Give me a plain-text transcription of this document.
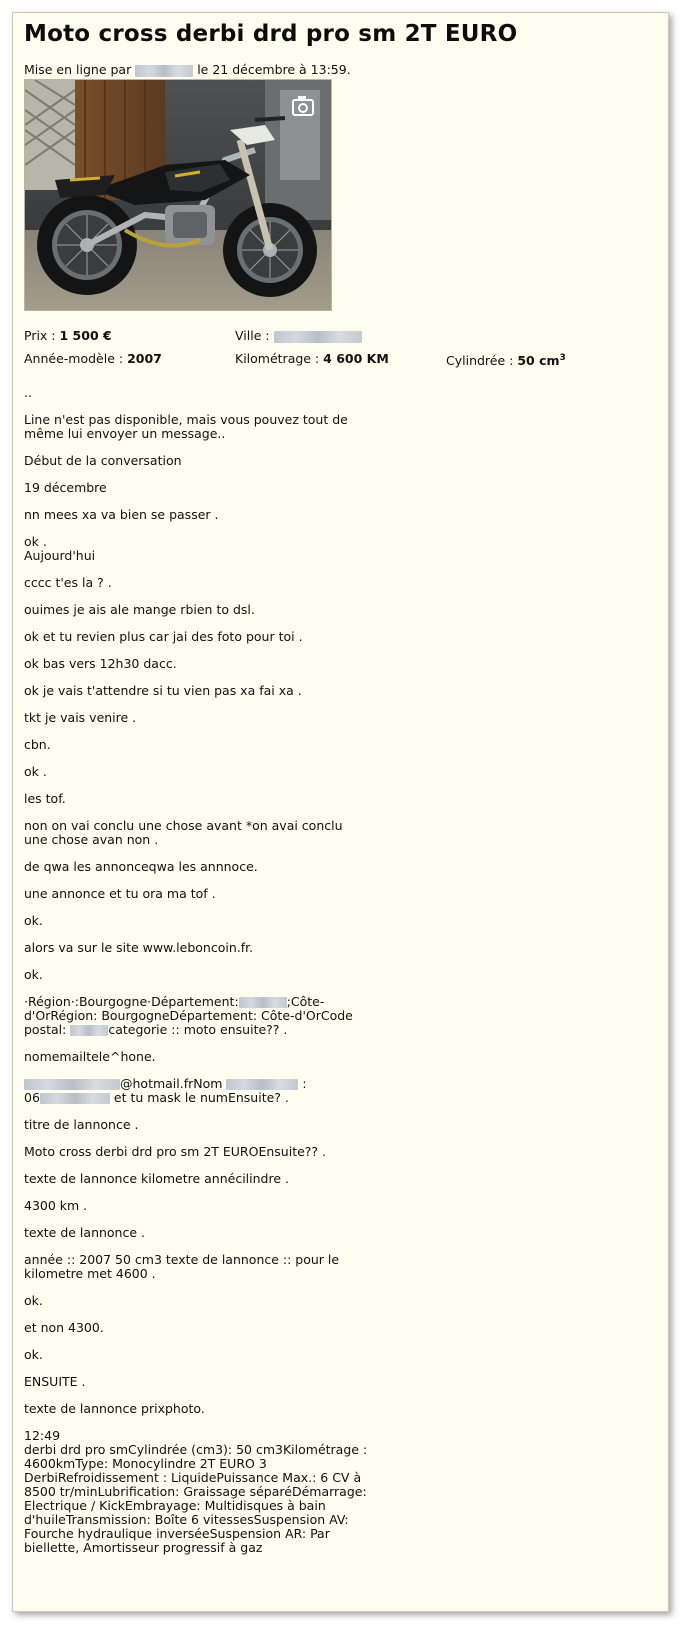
Moto cross derbi drd pro sm 2T EURO
Mise en ligne par	le 21 décembre à 13:59.
Prix : 1 500 €	Ville :
Année-modèle : 2007	Kilométrage : 4 600 KM	Cylindrée : 50 $cm^3$

..

Line n'est pas disponible, mais vous pouvez tout de même lui envoyer un message..

Début de la conversation

19 décembre

nn mees xa va bien se passer .

ok .
Aujourd'hui

cccc t'es la ? .

ouimes je ais ale mange rbien to dsl.

ok et tu revien plus car jai des foto pour toi .

ok bas vers 12h30 dacc.

ok je vais t'attendre si tu vien pas xa fai xa .

tkt je vais venire .

cbn.

ok .

les tof.

non on vai conclu une chose avant *on avai conclu une chose avan non .

de qwa les annonceqwa les annnoce.

une annonce et tu ora ma tof .

ok.

alors va sur le site www.leboncoin.fr.

ok.

·Région·:Bourgogne·Département:	;Côte-d'OrRégion: BourgogneDépartement: Côte-d'OrCode postal:	categorie :: moto ensuite?? .

nomemailtele^hone.

@hotmail.frNom	:
06	et tu mask le numEnsuite? .

titre de lannonce .

Moto cross derbi drd pro sm 2T EUROEnsuite?? .

texte de lannonce kilometre annécilindre .

4300 km .

texte de lannonce .

année :: 2007 50 cm3 texte de lannonce :: pour le kilometre met 4600 .

ok.

et non 4300.

ok.

ENSUITE .

texte de lannonce prixphoto.

12:49
derbi drd pro smCylindrée (cm3): 50 cm3Kilométrage : 4600kmType: Monocylindre 2T EURO 3 DerbiRefroidissement : LiquidePuissance Max.: 6 CV à 8500 tr/minLubrification: Graissage séparéDémarrage: Electrique / KickEmbrayage: Multidisques à bain d'huileTransmission: Boîte 6 vitessesSuspension AV: Fourche hydraulique inverséeSuspension AR: Par biellette, Amortisseur progressif à gaz
